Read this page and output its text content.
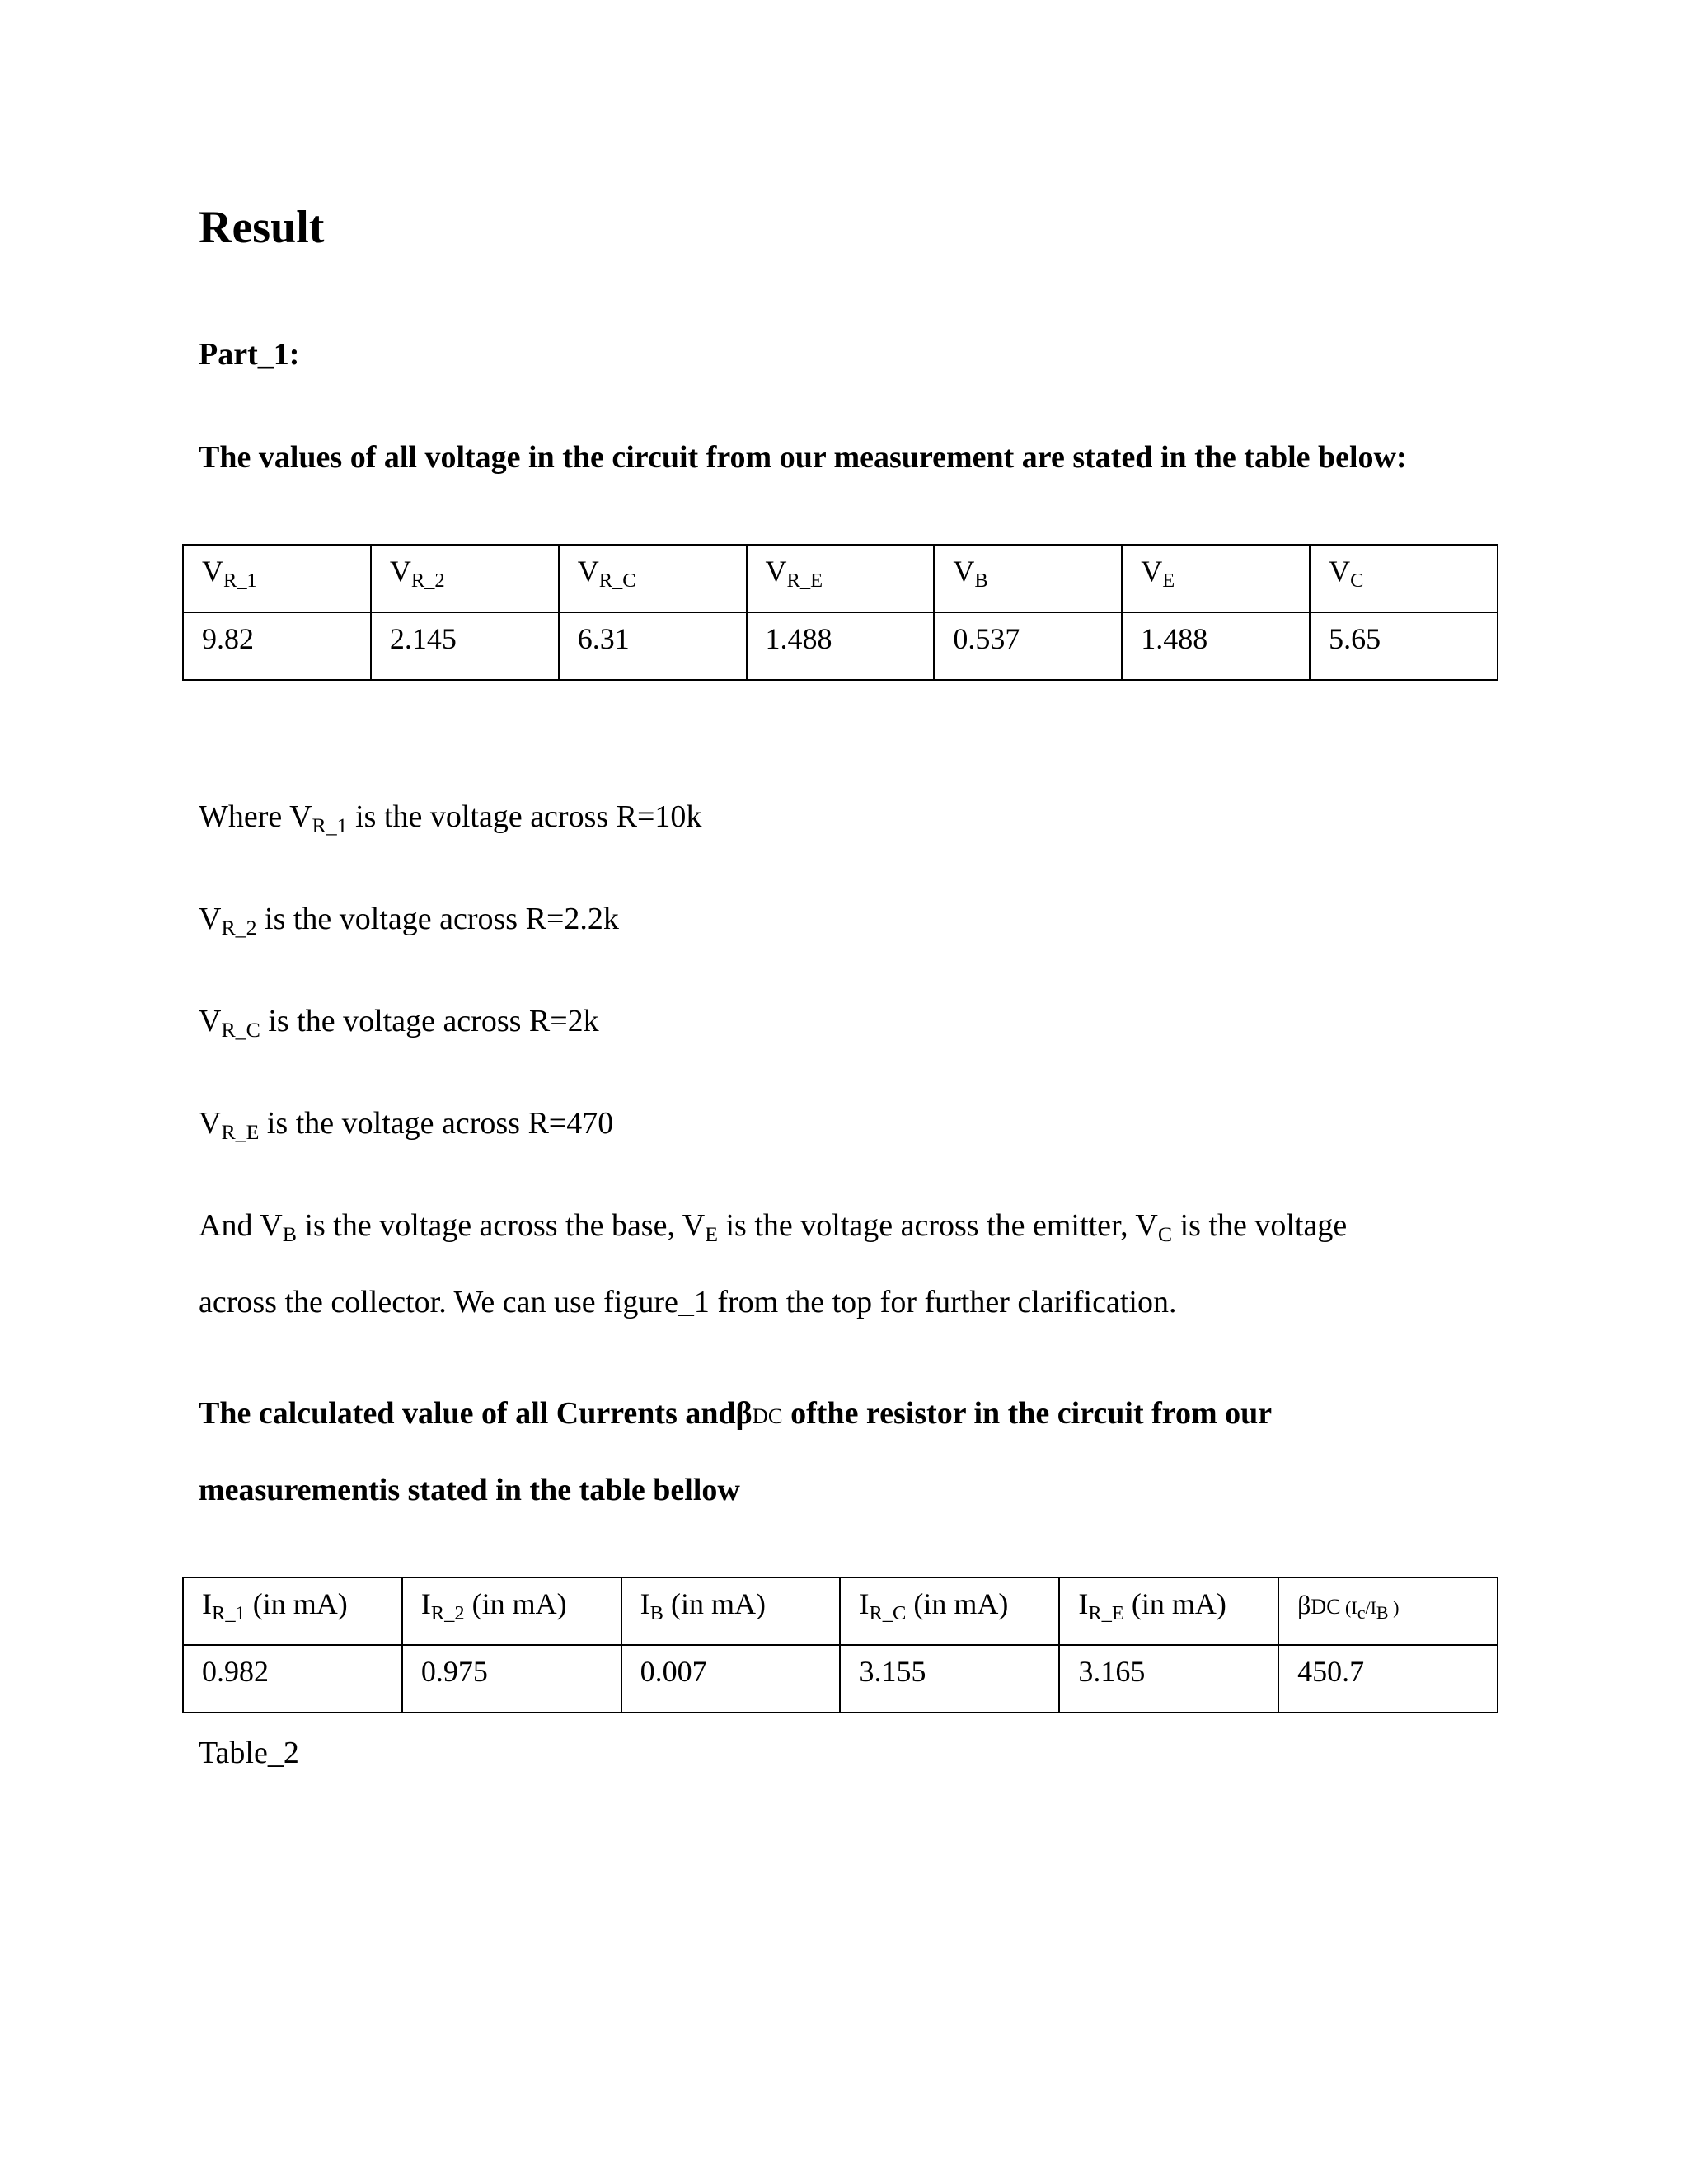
Result
Part_1:
The values of all voltage in the circuit from our measurement are stated in the table below:
$V_{R\_1}$	$V_{R\_2}$	$V_{R\_C}$	$V_{R\_E}$	$V_B$	$V_E$	$V_C$
9.82	2.145	6.31	1.488	0.537	1.488	5.65
Where $V_{R\_1}$ is the voltage across R=10k
$V_{R\_2}$ is the voltage across R=2.2k
$V_{R\_C}$ is the voltage across R=2k
$V_{R\_E}$ is the voltage across R=470
And $V_B$ is the voltage across the base, $V_E$ is the voltage across the emitter, $V_C$ is the voltage
across the collector. We can use figure_1 from the top for further clarification.
The calculated value of all Currents andβDC ofthe resistor in the circuit from our
measurementis stated in the table bellow
$I_{R\_1}$ (in mA)	$I_{R\_2}$ (in mA)	$I_B$ (in mA)	$I_{R\_C}$ (in mA)	$I_{R\_E}$ (in mA)	βDC ($I_c/I_B$ )
0.982	0.975	0.007	3.155	3.165	450.7
Table_2
